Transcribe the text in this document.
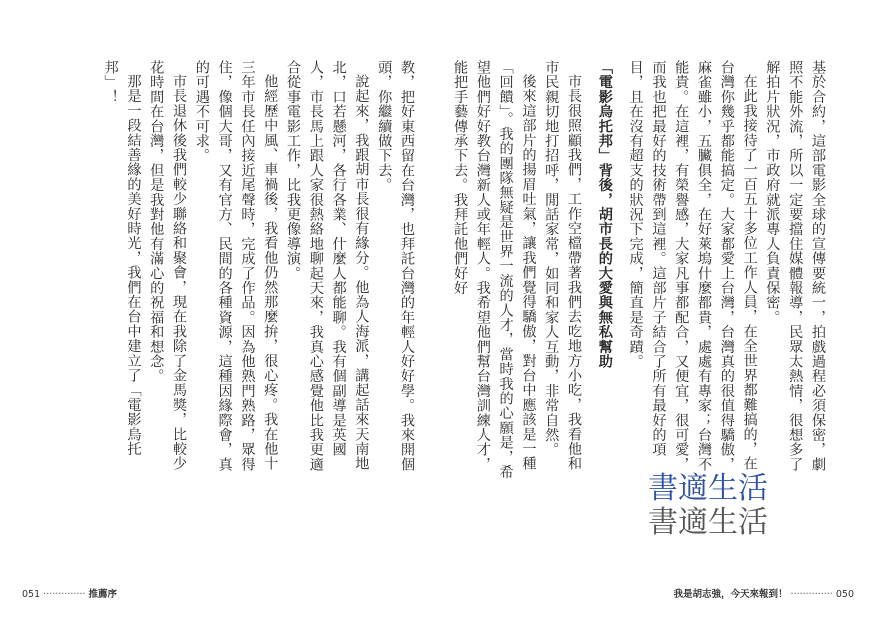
教，把好東西留在台灣，也拜託台灣的年輕人好好學。我來開個頭，你繼續做下去。

說起來，我跟胡市長很有緣分。他為人海派，講起話來天南地北，口若懸河，各行各業、什麼人都能聊。我有個副導是英國人，市長馬上跟人家很熱絡地聊起天來，我真心感覺他比我更適合從事電影工作，比我更像導演。

他經歷中風、車禍後，我看他仍然那麼拚，很心疼。我在他十三年市長任內接近尾聲時，完成了作品。因為他熟門熟路，眾得住，像個大哥，又有官方、民間的各種資源，這種因緣際會，真的可遇不可求。

市長退休後我們較少聯絡和聚會，現在我除了金馬獎，比較少花時間在台灣，但是我對他有滿心的祝福和想念。

那是一段結善緣的美好時光，我們在台中建立了「電影烏托邦」！

051 ·············· 推薦序

基於合約，這部電影全球的宣傳要統一，拍戲過程必須保密，劇照不能外流，所以一定要擋住媒體報導，民眾太熱情，很想多了解拍片狀況，市政府就派專人負責保密。

在此我接待了一百五十多位工作人員，在全世界都難搞的，在台灣你幾乎都能搞定。大家都愛上台灣，台灣真的很值得驕傲，麻雀雖小，五臟俱全，在好萊塢什麼都貴，處處有專家；台灣不能貴。在這裡，有榮譽感，大家凡事都配合，又便宜，很可愛，而我也把最好的技術帶到這裡。這部片子結合了所有最好的項目，且在沒有超支的狀況下完成，簡直是奇蹟。

「電影烏托邦」背後，胡市長的大愛與無私幫助

市長很照顧我們，工作空檔帶著我們去吃地方小吃，我看他和市民親切地打招呼，閒話家常，如同和家人互動，非常自然。

後來這部片的揚眉吐氣，讓我們覺得驕傲，對台中應該是一種「回饋」。我的團隊無疑是世界一流的人才，當時我的心願是，希望他們好好教台灣新人或年輕人。我希望他們幫台灣訓練人才，能把手藝傳承下去。我拜託他們好好

我是胡志強，今天來報到！ ·············· 050
書適生活
書適生活
